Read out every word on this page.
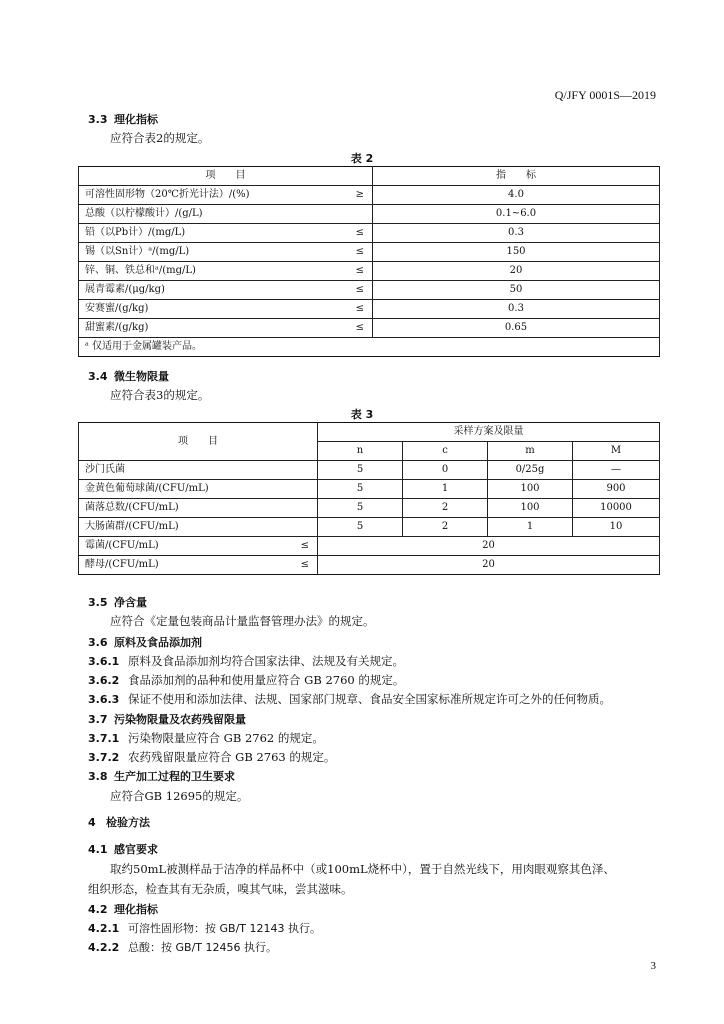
Q/JFY 0001S—2019
3.3 理化指标
应符合表2的规定。
表 2
项　　目	指　　标
可溶性固形物（20℃折光计法）/(%) ≥	4.0
总酸（以柠檬酸计）/(g/L)	0.1~6.0
铅（以Pb计）/(mg/L) ≤	0.3
锡（以Sn计）ᵃ/(mg/L) ≤	150
锌、铜、铁总和ᵃ/(mg/L) ≤	20
展青霉素/(μg/kg) ≤	50
安赛蜜/(g/kg) ≤	0.3
甜蜜素/(g/kg) ≤	0.65
ᵃ 仅适用于金属罐装产品。	
3.4 微生物限量
应符合表3的规定。
表 3
项　　目	采样方案及限量			
	n	c	m	M
沙门氏菌	5	0	0/25g	—
金黄色葡萄球菌/(CFU/mL)	5	1	100	900
菌落总数/(CFU/mL)	5	2	100	10000
大肠菌群/(CFU/mL)	5	2	1	10
霉菌/(CFU/mL) ≤	20			
酵母/(CFU/mL) ≤	20			
3.5 净含量
应符合《定量包装商品计量监督管理办法》的规定。
3.6 原料及食品添加剂
3.6.1 原料及食品添加剂均符合国家法律、法规及有关规定。
3.6.2 食品添加剂的品种和使用量应符合 GB 2760 的规定。
3.6.3 保证不使用和添加法律、法规、国家部门规章、食品安全国家标准所规定许可之外的任何物质。
3.7 污染物限量及农药残留限量
3.7.1 污染物限量应符合 GB 2762 的规定。
3.7.2 农药残留限量应符合 GB 2763 的规定。
3.8 生产加工过程的卫生要求
应符合GB 12695的规定。
4 检验方法
4.1 感官要求
取约50mL被测样品于洁净的样品杯中（或100mL烧杯中），置于自然光线下，用肉眼观察其色泽、
组织形态，检查其有无杂质，嗅其气味，尝其滋味。
4.2 理化指标
4.2.1 可溶性固形物：按 GB/T 12143 执行。
4.2.2 总酸：按 GB/T 12456 执行。
3
